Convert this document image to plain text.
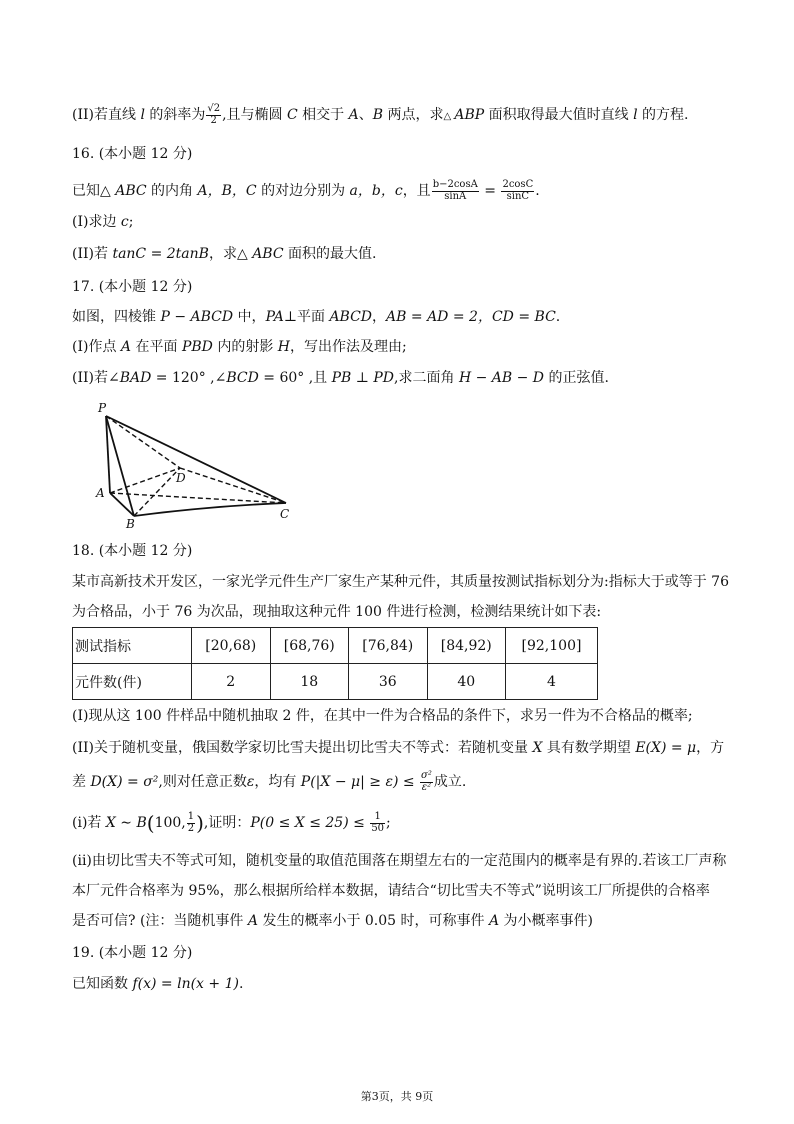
(II)若直线 l 的斜率为 $\frac{√2}{2}$ ,且与椭圆 C 相交于 A、B 两点，求△ ABP 面积取得最大值时直线 l 的方程.
16. (本小题 12 分)
已知△ ABC 的内角 A，B，C 的对边分别为 a，b，c，且 $\frac{b-2\cos A}{\sin A} = \frac{2\cos C}{\sin C}$ .
(I)求边 c;
(II)若 tanC = 2tanB，求△ ABC 面积的最大值.
17. (本小题 12 分)
如图，四棱锥 P − ABCD 中，PA⊥平面 ABCD，AB = AD = 2，CD = BC.
(I)作点 A 在平面 PBD 内的射影 H，写出作法及理由;
(II)若∠BAD = 120° ,∠BCD = 60° ,且 PB ⊥ PD,求二面角 H − AB − D 的正弦值.
P
D
A
B
C
18. (本小题 12 分)
某市高新技术开发区，一家光学元件生产厂家生产某种元件，其质量按测试指标划分为:指标大于或等于 76
为合格品，小于 76 为次品，现抽取这种元件 100 件进行检测，检测结果统计如下表:
测试指标	[20,68)	[68,76)	[76,84)	[84,92)	[92,100]
元件数(件)	2	18	36	40	4
(I)现从这 100 件样品中随机抽取 2 件，在其中一件为合格品的条件下，求另一件为不合格品的概率;
(II)关于随机变量，俄国数学家切比雪夫提出切比雪夫不等式：若随机变量 X 具有数学期望 E(X) = μ，方
差 D(X) = σ²,则对任意正数ε，均有 $P(|X - \mu| \ge \varepsilon) \le \frac{\text{σ²}}{\text{ε²}}$ 成立.
(i)若 X ∼ B(100, $\frac{1}{2}$ ),证明：$P(0 \le X \le 25) \le \frac{1}{50}$ ;
(ii)由切比雪夫不等式可知，随机变量的取值范围落在期望左右的一定范围内的概率是有界的.若该工厂声称
本厂元件合格率为 95%，那么根据所给样本数据，请结合“切比雪夫不等式”说明该工厂所提供的合格率
是否可信? (注：当随机事件 A 发生的概率小于 0.05 时，可称事件 A 为小概率事件)
19. (本小题 12 分)
已知函数 f(x) = ln(x + 1).
第3页，共 9页
